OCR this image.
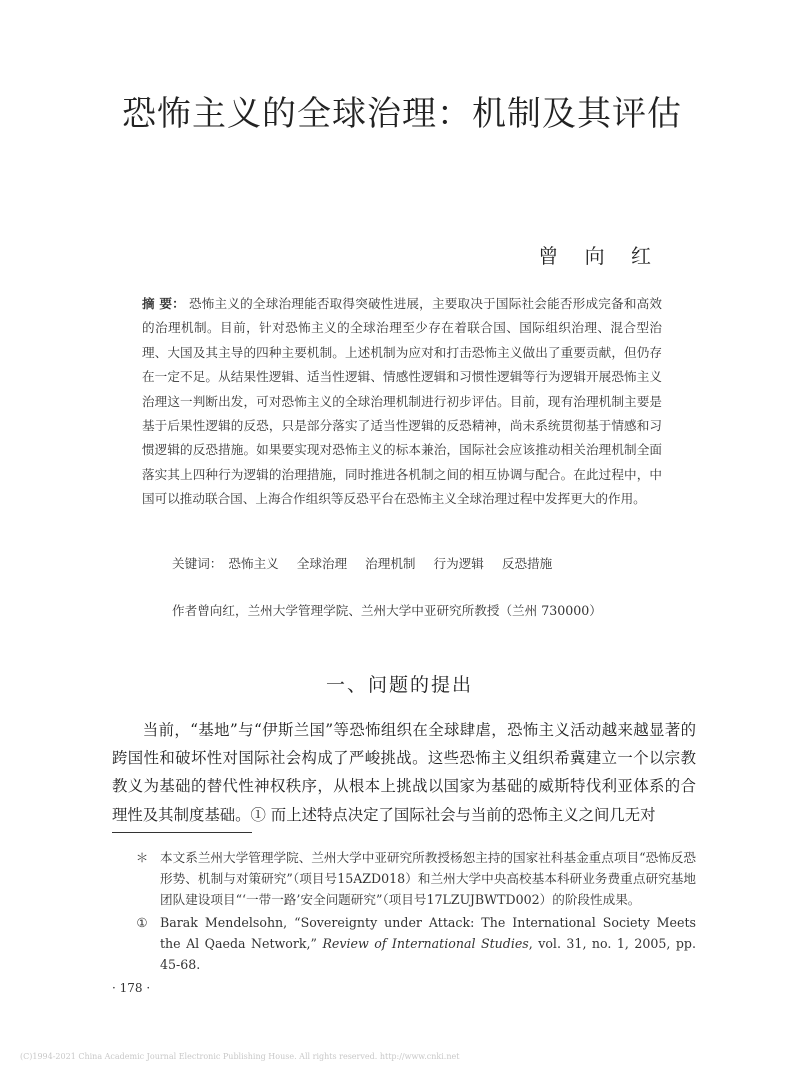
恐怖主义的全球治理：机制及其评估
曾 向 红
摘 要： 恐怖主义的全球治理能否取得突破性进展，主要取决于国际社会能否形成完备和高效的治理机制。目前，针对恐怖主义的全球治理至少存在着联合国、国际组织治理、混合型治理、大国及其主导的四种主要机制。上述机制为应对和打击恐怖主义做出了重要贡献，但仍存在一定不足。从结果性逻辑、适当性逻辑、情感性逻辑和习惯性逻辑等行为逻辑开展恐怖主义治理这一判断出发，可对恐怖主义的全球治理机制进行初步评估。目前，现有治理机制主要是基于后果性逻辑的反恐，只是部分落实了适当性逻辑的反恐精神，尚未系统贯彻基于情感和习惯逻辑的反恐措施。如果要实现对恐怖主义的标本兼治，国际社会应该推动相关治理机制全面落实其上四种行为逻辑的治理措施，同时推进各机制之间的相互协调与配合。在此过程中，中国可以推动联合国、上海合作组织等反恐平台在恐怖主义全球治理过程中发挥更大的作用。
关键词： 恐怖主义 全球治理 治理机制 行为逻辑 反恐措施
作者曾向红，兰州大学管理学院、兰州大学中亚研究所教授（兰州 730000）
一、问题的提出
当前，“基地”与“伊斯兰国”等恐怖组织在全球肆虐，恐怖主义活动越来越显著的跨国性和破坏性对国际社会构成了严峻挑战。这些恐怖主义组织希冀建立一个以宗教教义为基础的替代性神权秩序，从根本上挑战以国家为基础的威斯特伐利亚体系的合理性及其制度基础。① 而上述特点决定了国际社会与当前的恐怖主义之间几无对
＊ 本文系兰州大学管理学院、兰州大学中亚研究所教授杨恕主持的国家社科基金重点项目“恐怖反恐形势、机制与对策研究”（项目号15AZD018）和兰州大学中央高校基本科研业务费重点研究基地团队建设项目“‘一带一路’安全问题研究”（项目号17LZUJBWTD002）的阶段性成果。
① Barak Mendelsohn, “Sovereignty under Attack: The International Society Meets the Al Qaeda Network,” Review of International Studies, vol. 31, no. 1, 2005, pp. 45-68.
· 178 ·
(C)1994-2021 China Academic Journal Electronic Publishing House. All rights reserved. http://www.cnki.net
